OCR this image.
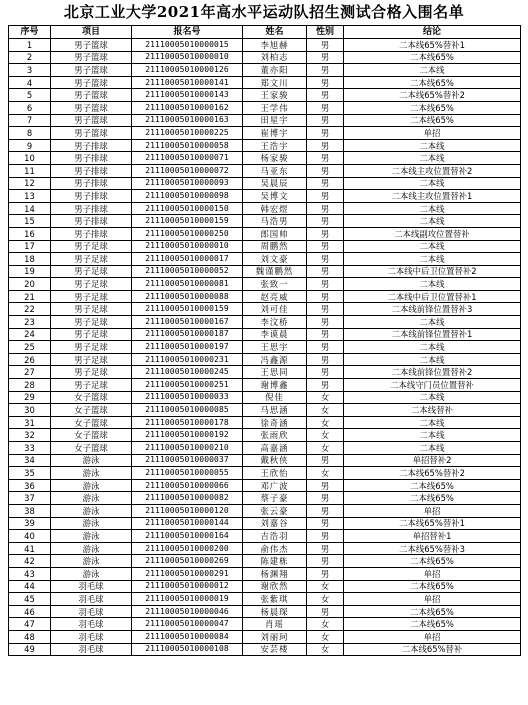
北京工业大学2021年高水平运动队招生测试合格入围名单
序号	项目	报名号	姓名	性别	结论
1	男子篮球	21110005010000015	李旭赫	男	二本线65%替补1
2	男子篮球	21110005010000010	刘柏志	男	二本线65%
3	男子篮球	21110005010000126	董亦阳	男	二本线
4	男子篮球	21110005010000141	郑文川	男	二本线65%
5	男子篮球	21110005010000143	王家骏	男	二本线65%替补2
6	男子篮球	21110005010000162	王学伟	男	二本线65%
7	男子篮球	21110005010000163	田星宇	男	二本线65%
8	男子篮球	21110005010000225	崔博宇	男	单招
9	男子排球	21110005010000058	王浩宇	男	二本线
10	男子排球	21110005010000071	杨家骏	男	二本线
11	男子排球	21110005010000072	马亚东	男	二本线主攻位置替补2
12	男子排球	21110005010000093	吴晨辰	男	二本线
13	男子排球	21110005010000098	吴博文	男	二本线主攻位置替补1
14	男子排球	21110005010000150	韩宏煜	男	二本线
15	男子排球	21110005010000159	马浩男	男	二本线
16	男子排球	21110005010000250	郎国帅	男	二本线副攻位置替补
17	男子足球	21110005010000010	周鹏然	男	二本线
18	男子足球	21110005010000017	刘文豪	男	二本线
19	男子足球	21110005010000052	魏谨鹏然	男	二本线中后卫位置替补2
20	男子足球	21110005010000081	张致一	男	二本线
21	男子足球	21110005010000088	赵亮威	男	二本线中后卫位置替补1
22	男子足球	21110005010000159	刘可佳	男	二本线前锋位置替补3
23	男子足球	21110005010000167	李汶桥	男	二本线
24	男子足球	21110005010000187	李谟晨	男	二本线前锋位置替补1
25	男子足球	21110005010000197	王思宇	男	二本线
26	男子足球	21110005010000231	冯鑫源	男	二本线
27	男子足球	21110005010000245	王思同	男	二本线前锋位置替补2
28	男子足球	21110005010000251	谢博鑫	男	二本线守门员位置替补
29	女子篮球	21110005010000033	倪佳	女	二本线
30	女子篮球	21110005010000085	马思涵	女	二本线替补
31	女子篮球	21110005010000178	徐奇涵	女	二本线
32	女子篮球	21110005010000192	张雨欣	女	二本线
33	女子篮球	21110005010000210	高嘉涵	女	二本线
34	游泳	21110005010000037	戴秋侠	男	单招替补2
35	游泳	21110005010000055	王欣怡	女	二本线65%替补2
36	游泳	21110005010000066	邓广波	男	二本线65%
37	游泳	21110005010000082	蔡子豪	男	二本线65%
38	游泳	21110005010000120	张云豪	男	单招
39	游泳	21110005010000144	刘嘉谷	男	二本线65%替补1
40	游泳	21110005010000164	吉浩羽	男	单招替补1
41	游泳	21110005010000200	俞伟杰	男	二本线65%替补3
42	游泳	21110005010000269	陈建栋	男	二本线65%
43	游泳	21110005010000291	杨渊翔	男	单招
44	羽毛球	21110005010000012	谢欣然	女	二本线65%
45	羽毛球	21110005010000019	张紫琪	女	单招
46	羽毛球	21110005010000046	杨晨琛	男	二本线65%
47	羽毛球	21110005010000047	肖瑶	女	二本线65%
48	羽毛球	21110005010000084	刘丽珂	女	单招
49	羽毛球	21110005010000108	安芸楼	女	二本线65%替补
